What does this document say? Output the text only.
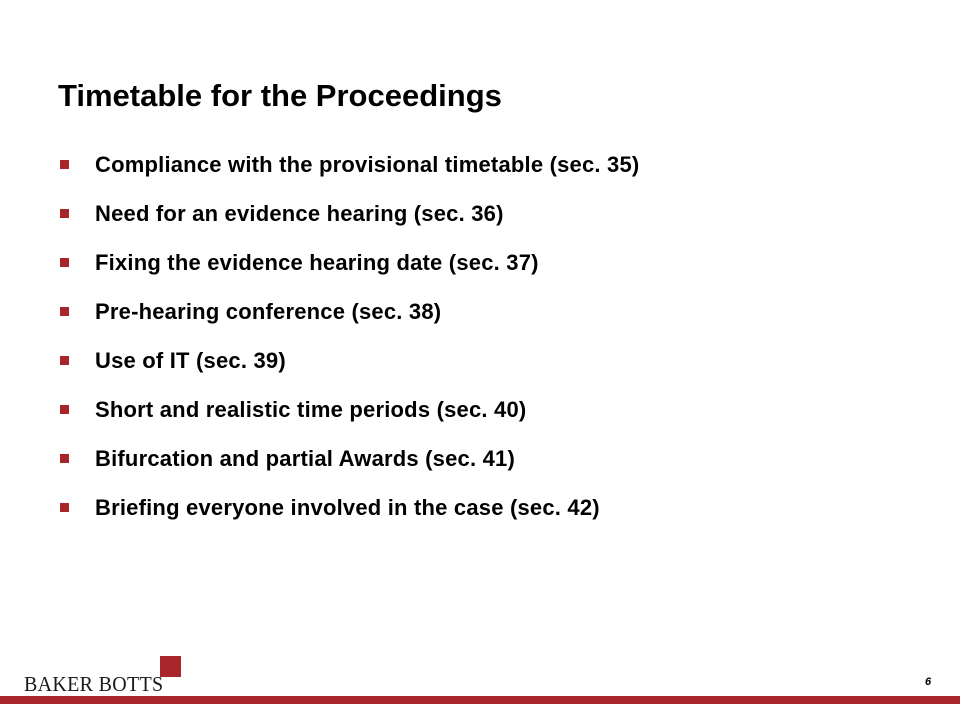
Timetable for the Proceedings
Compliance with the provisional timetable (sec. 35)
Need for an evidence hearing (sec. 36)
Fixing the evidence hearing date (sec. 37)
Pre-hearing conference (sec. 38)
Use of IT (sec. 39)
Short and realistic time periods (sec. 40)
Bifurcation and partial Awards (sec. 41)
Briefing everyone involved in the case (sec. 42)
BAKER BOTTS	6
